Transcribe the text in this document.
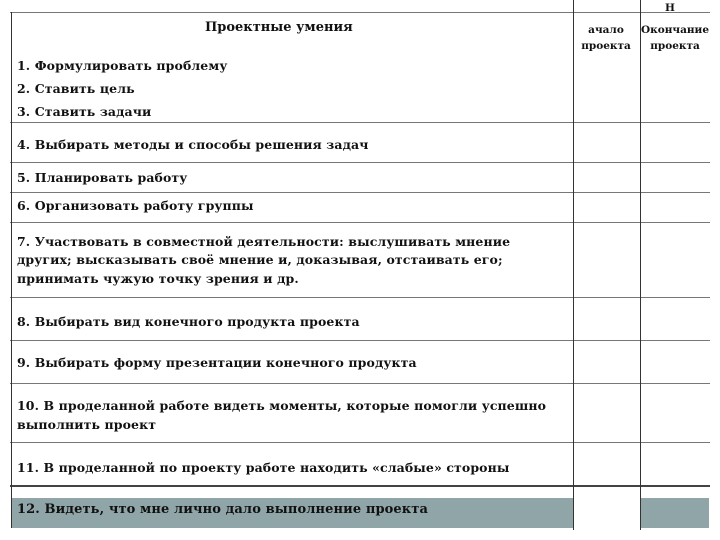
Проектные умения
Н
ачало
проекта
Окончание
проекта
1. Формулировать проблему
2. Ставить цель
3. Ставить задачи
4. Выбирать методы и способы решения задач
5. Планировать работу
6. Организовать работу группы
7. Участвовать в совместной деятельности: выслушивать мнение
других; высказывать своё мнение и, доказывая, отстаивать его;
принимать чужую точку зрения и др.
8. Выбирать вид конечного продукта проекта
9. Выбирать форму презентации конечного продукта
10. В проделанной работе видеть моменты, которые помогли успешно
выполнить проект
11. В проделанной по проекту работе находить «слабые» стороны
12. Видеть, что мне лично дало выполнение проекта
